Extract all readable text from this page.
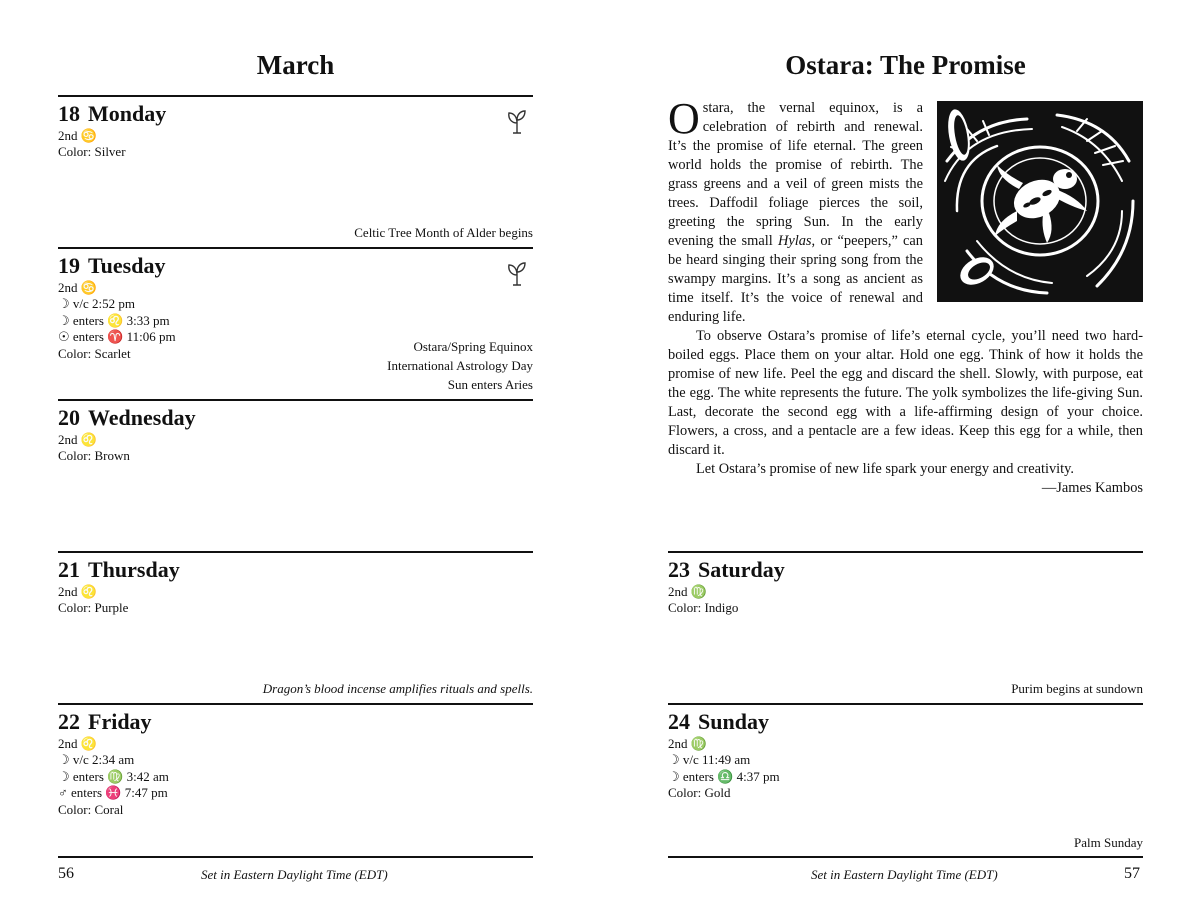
March
18 Monday
2nd ♋
Color: Silver
Celtic Tree Month of Alder begins
19 Tuesday
2nd ♋
☽ v/c 2:52 pm
☽ enters ♌ 3:33 pm
☉ enters ♈ 11:06 pm
Color: Scarlet	Ostara/Spring Equinox
International Astrology Day
Sun enters Aries
20 Wednesday
2nd ♌
Color: Brown
21 Thursday
2nd ♌
Color: Purple
Dragon’s blood incense amplifies rituals and spells.
22 Friday
2nd ♌
☽ v/c 2:34 am
☽ enters ♍ 3:42 am
♂ enters ♓ 7:47 pm
Color: Coral
56	Set in Eastern Daylight Time (EDT)
Ostara: The Promise
Ostara, the vernal equinox, is a celebration of rebirth and renewal. It’s the promise of life eternal. The green world holds the promise of rebirth. The grass greens and a veil of green mists the trees. Daffodil foliage pierces the soil, greeting the spring Sun. In the early evening the small Hylas, or “peepers,” can be heard singing their spring song from the swampy margins. It’s a song as ancient as time itself. It’s the voice of renewal and enduring life.

To observe Ostara’s promise of life’s eternal cycle, you’ll need two hard-boiled eggs. Place them on your altar. Hold one egg. Think of how it holds the promise of new life. Peel the egg and discard the shell. Slowly, with purpose, eat the egg. The white represents the future. The yolk symbolizes the life-giving Sun. Last, decorate the second egg with a life-affirming design of your choice. Flowers, a cross, and a pentacle are a few ideas. Keep this egg for a while, then discard it.

Let Ostara’s promise of new life spark your energy and creativity.

—James Kambos
23 Saturday
2nd ♍
Color: Indigo
Purim begins at sundown
24 Sunday
2nd ♍
☽ v/c 11:49 am
☽ enters ♎ 4:37 pm
Color: Gold
Palm Sunday
Set in Eastern Daylight Time (EDT)	57
